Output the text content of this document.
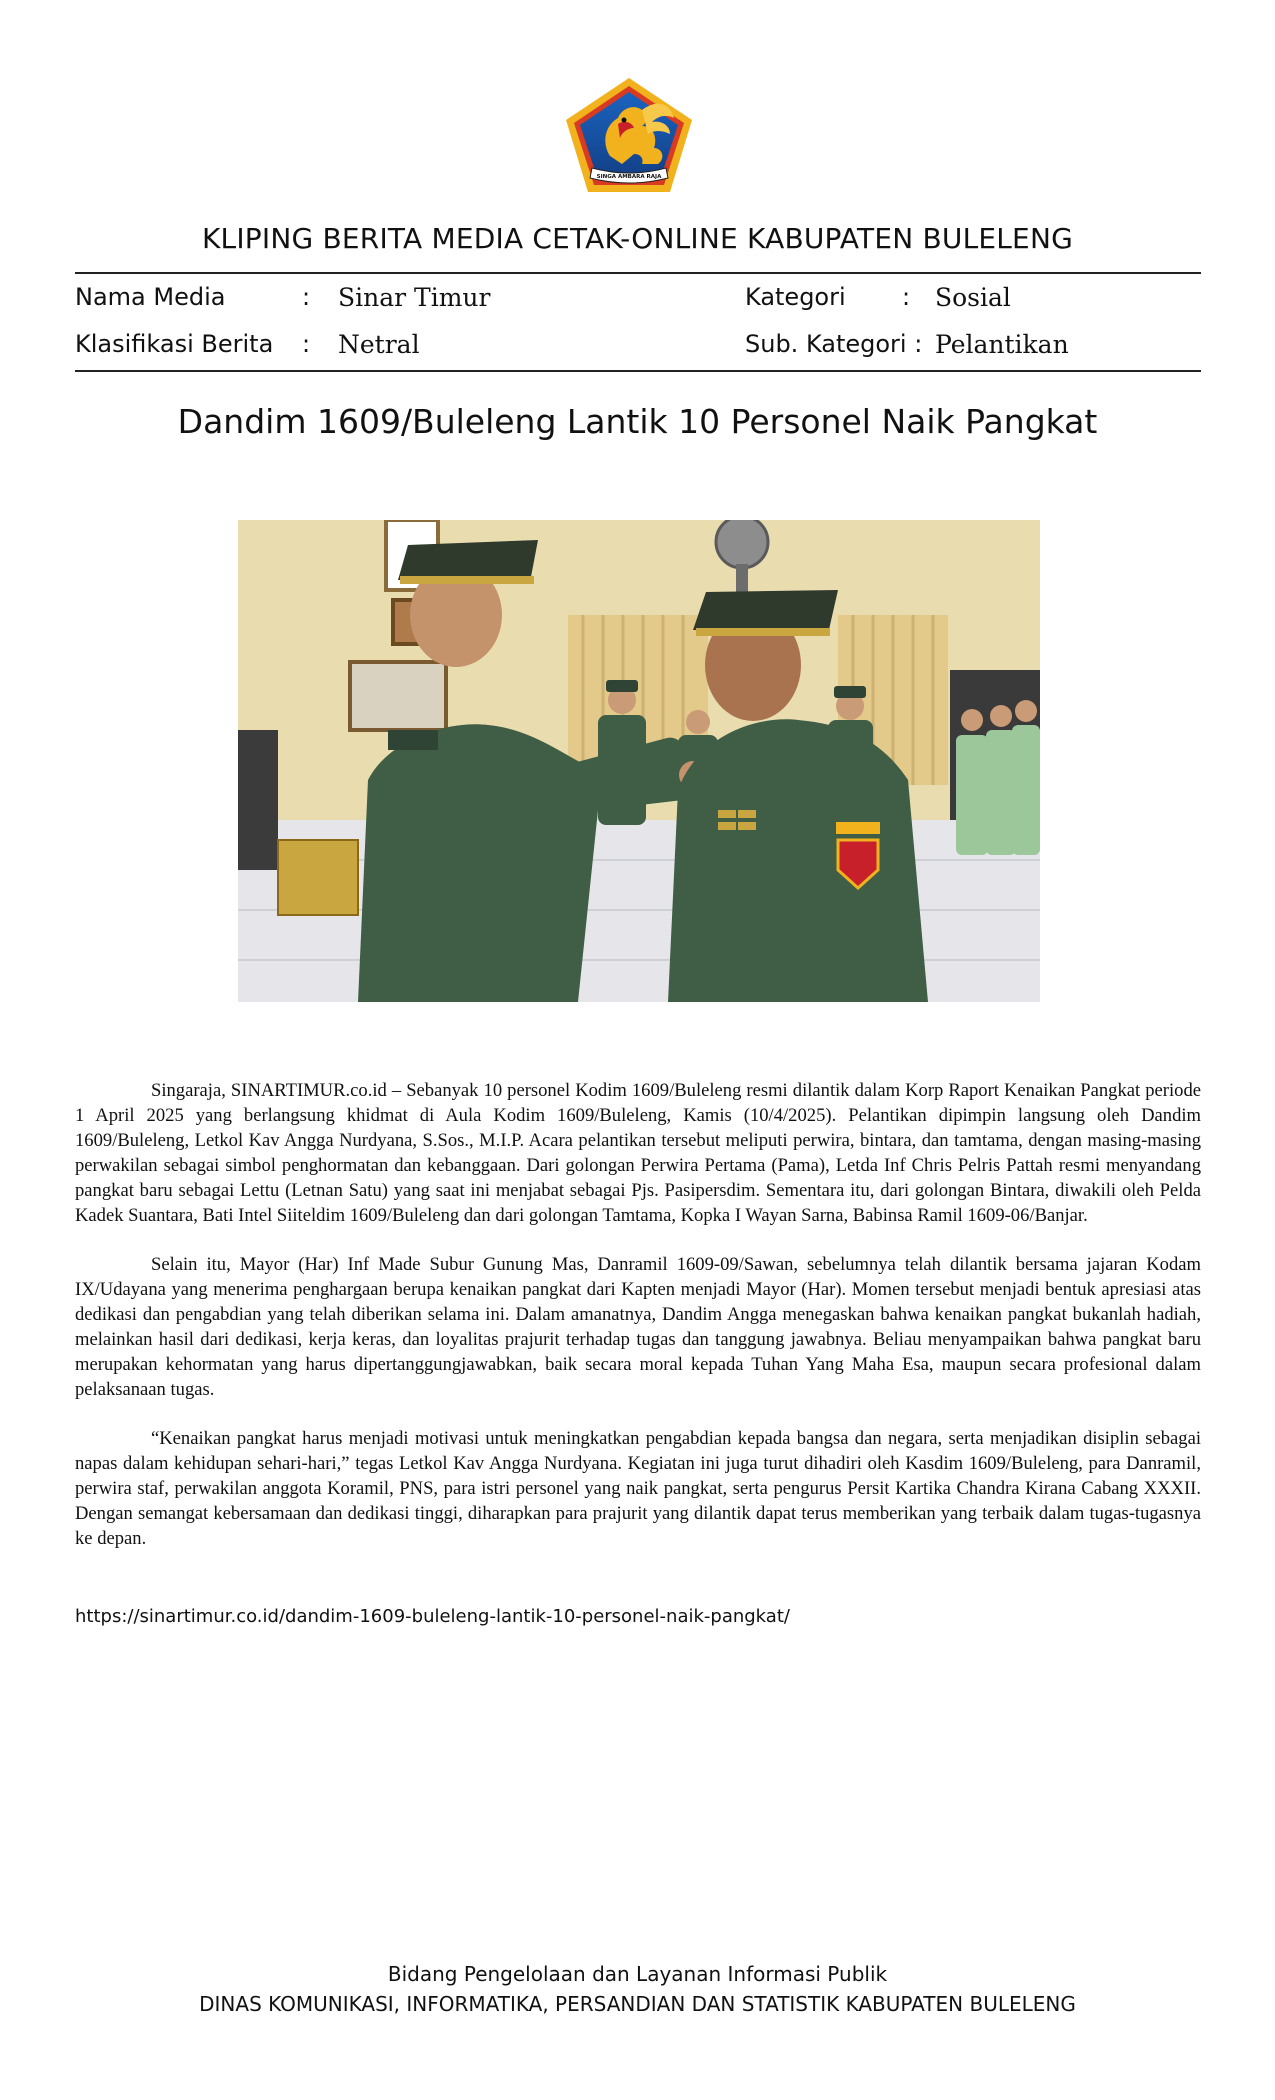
SINGA AMBARA RAJA
KLIPING BERITA MEDIA CETAK-ONLINE KABUPATEN BULELENG
Nama Media	: Sinar Timur	Kategori : Sosial
Klasifikasi Berita : Netral	Sub. Kategori : Pelantikan
Dandim 1609/Buleleng Lantik 10 Personel Naik Pangkat

Singaraja, SINARTIMUR.co.id – Sebanyak 10 personel Kodim 1609/Buleleng resmi dilantik dalam Korp Raport Kenaikan Pangkat periode 1 April 2025 yang berlangsung khidmat di Aula Kodim 1609/Buleleng, Kamis (10/4/2025). Pelantikan dipimpin langsung oleh Dandim 1609/Buleleng, Letkol Kav Angga Nurdyana, S.Sos., M.I.P. Acara pelantikan tersebut meliputi perwira, bintara, dan tamtama, dengan masing-masing perwakilan sebagai simbol penghormatan dan kebanggaan. Dari golongan Perwira Pertama (Pama), Letda Inf Chris Pelris Pattah resmi menyandang pangkat baru sebagai Lettu (Letnan Satu) yang saat ini menjabat sebagai Pjs. Pasipersdim. Sementara itu, dari golongan Bintara, diwakili oleh Pelda Kadek Suantara, Bati Intel Siiteldim 1609/Buleleng dan dari golongan Tamtama, Kopka I Wayan Sarna, Babinsa Ramil 1609-06/Banjar.

Selain itu, Mayor (Har) Inf Made Subur Gunung Mas, Danramil 1609-09/Sawan, sebelumnya telah dilantik bersama jajaran Kodam IX/Udayana yang menerima penghargaan berupa kenaikan pangkat dari Kapten menjadi Mayor (Har). Momen tersebut menjadi bentuk apresiasi atas dedikasi dan pengabdian yang telah diberikan selama ini. Dalam amanatnya, Dandim Angga menegaskan bahwa kenaikan pangkat bukanlah hadiah, melainkan hasil dari dedikasi, kerja keras, dan loyalitas prajurit terhadap tugas dan tanggung jawabnya. Beliau menyampaikan bahwa pangkat baru merupakan kehormatan yang harus dipertanggungjawabkan, baik secara moral kepada Tuhan Yang Maha Esa, maupun secara profesional dalam pelaksanaan tugas.

“Kenaikan pangkat harus menjadi motivasi untuk meningkatkan pengabdian kepada bangsa dan negara, serta menjadikan disiplin sebagai napas dalam kehidupan sehari-hari,” tegas Letkol Kav Angga Nurdyana. Kegiatan ini juga turut dihadiri oleh Kasdim 1609/Buleleng, para Danramil, perwira staf, perwakilan anggota Koramil, PNS, para istri personel yang naik pangkat, serta pengurus Persit Kartika Chandra Kirana Cabang XXXII. Dengan semangat kebersamaan dan dedikasi tinggi, diharapkan para prajurit yang dilantik dapat terus memberikan yang terbaik dalam tugas-tugasnya ke depan.

https://sinartimur.co.id/dandim-1609-buleleng-lantik-10-personel-naik-pangkat/
Bidang Pengelolaan dan Layanan Informasi Publik
DINAS KOMUNIKASI, INFORMATIKA, PERSANDIAN DAN STATISTIK KABUPATEN BULELENG
